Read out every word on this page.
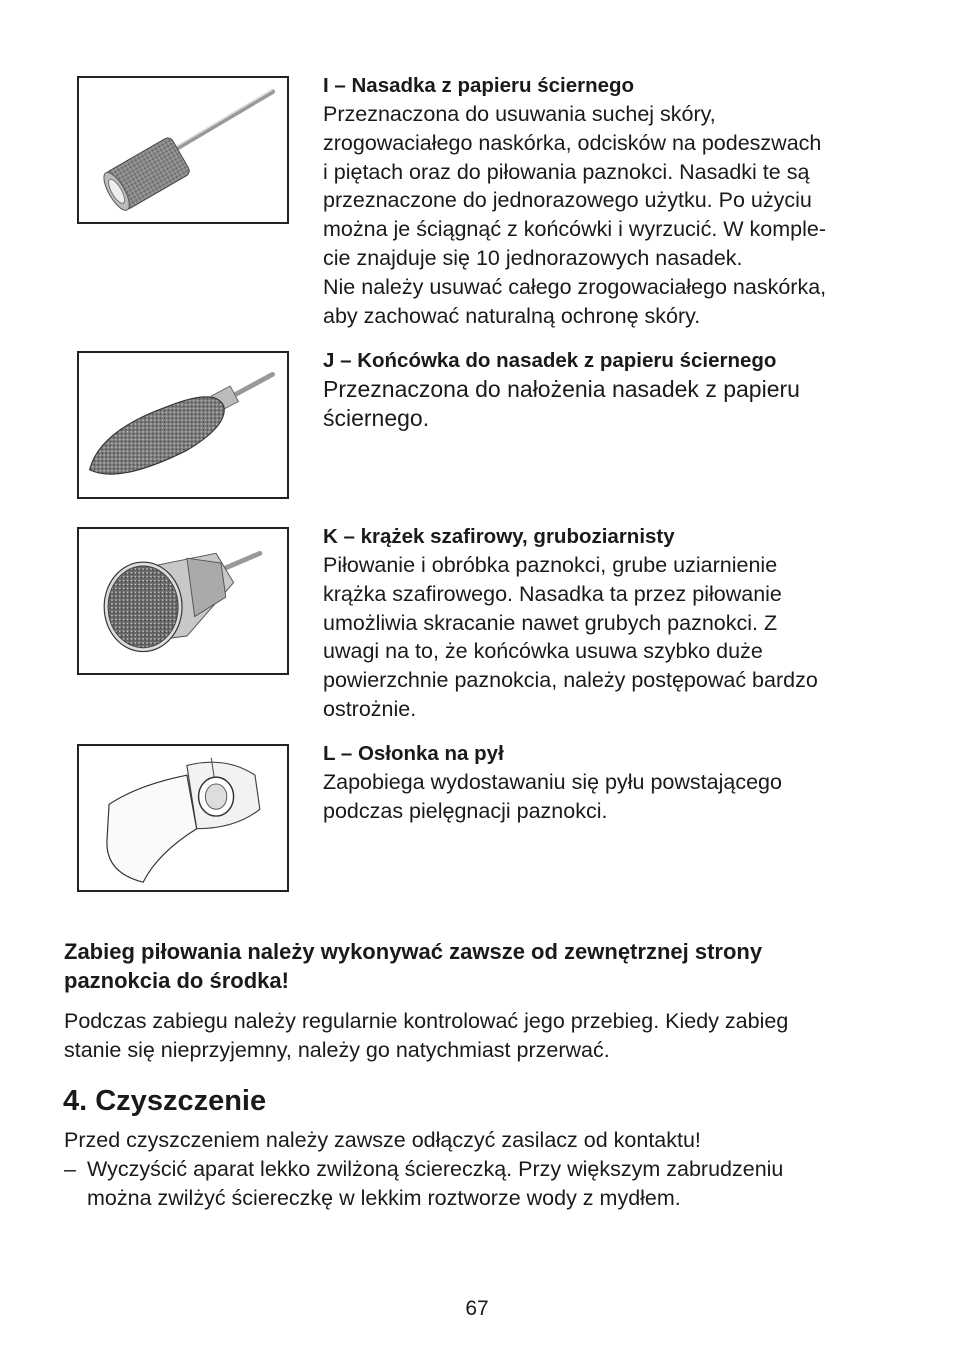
I – Nasadka z papieru ściernego

Przeznaczona do usuwania suchej skóry,

zrogowaciałego naskórka, odcisków na podeszwach

i piętach oraz do piłowania paznokci. Nasadki te są

przeznaczone do jednorazowego użytku. Po użyciu

można je ściągnąć z końcówki i wyrzucić. W komple-

cie znajduje się 10 jednorazowych nasadek.

Nie należy usuwać całego zrogowaciałego naskórka,

aby zachować naturalną ochronę skóry.

J – Końcówka do nasadek z papieru ściernego

Przeznaczona do nałożenia nasadek z papieru

ściernego.

K – krążek szafirowy, gruboziarnisty

Piłowanie i obróbka paznokci, grube uziarnienie

krążka szafirowego. Nasadka ta przez piłowanie

umożliwia skracanie nawet grubych paznokci. Z

uwagi na to, że końcówka usuwa szybko duże

powierzchnie paznokcia, należy postępować bardzo

ostrożnie.

L – Osłonka na pył

Zapobiega wydostawaniu się pyłu powstającego

podczas pielęgnacji paznokci.

Zabieg piłowania należy wykonywać zawsze od zewnętrznej strony
paznokcia do środka!
Podczas zabiegu należy regularnie kontrolować jego przebieg. Kiedy zabieg
stanie się nieprzyjemny, należy go natychmiast przerwać.
4. Czyszczenie
Przed czyszczeniem należy zawsze odłączyć zasilacz od kontaktu!
– Wyczyścić aparat lekko zwilżoną ściereczką. Przy większym zabrudzeniu
można zwilżyć ściereczkę w lekkim roztworze wody z mydłem.
67
